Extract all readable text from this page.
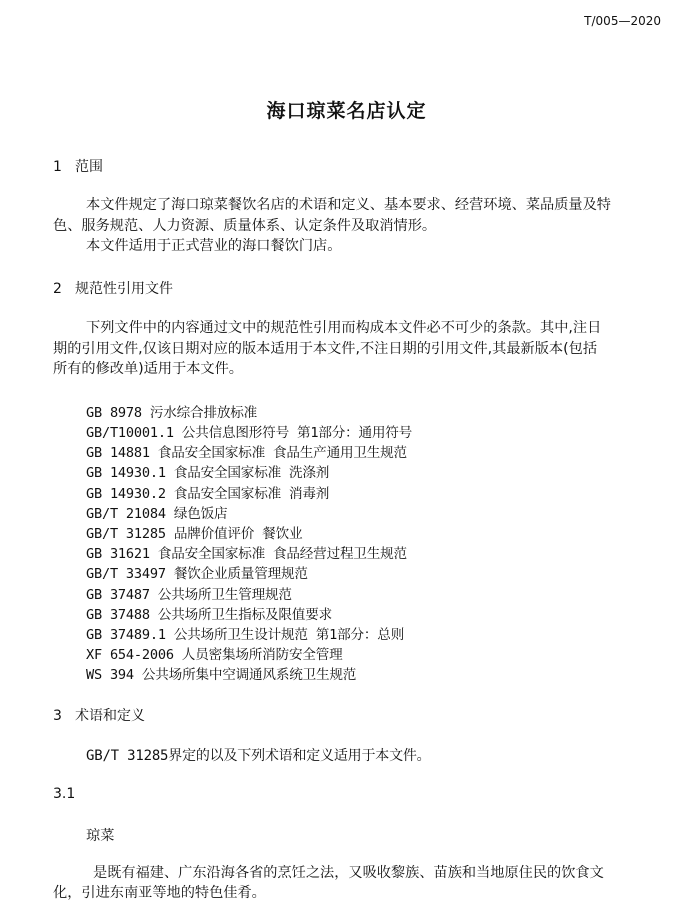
T/005—2020
海口琼菜名店认定
1 范围
本文件规定了海口琼菜餐饮名店的术语和定义、基本要求、经营环境、菜品质量及特
色、服务规范、人力资源、质量体系、认定条件及取消情形。
本文件适用于正式营业的海口餐饮门店。
2 规范性引用文件
下列文件中的内容通过文中的规范性引用而构成本文件必不可少的条款。其中,注日
期的引用文件,仅该日期对应的版本适用于本文件,不注日期的引用文件,其最新版本(包括
所有的修改单)适用于本文件。
GB 8978 污水综合排放标准
GB/T10001.1 公共信息图形符号 第1部分：通用符号
GB 14881 食品安全国家标准 食品生产通用卫生规范
GB 14930.1 食品安全国家标准 洗涤剂
GB 14930.2 食品安全国家标准 消毒剂
GB/T 21084 绿色饭店
GB/T 31285 品牌价值评价 餐饮业
GB 31621 食品安全国家标准 食品经营过程卫生规范
GB/T 33497 餐饮企业质量管理规范
GB 37487 公共场所卫生管理规范
GB 37488 公共场所卫生指标及限值要求
GB 37489.1 公共场所卫生设计规范 第1部分：总则
XF 654-2006 人员密集场所消防安全管理
WS 394 公共场所集中空调通风系统卫生规范
3 术语和定义
GB/T 31285界定的以及下列术语和定义适用于本文件。
3.1
琼菜
是既有福建、广东沿海各省的烹饪之法，又吸收黎族、苗族和当地原住民的饮食文
化，引进东南亚等地的特色佳肴。
